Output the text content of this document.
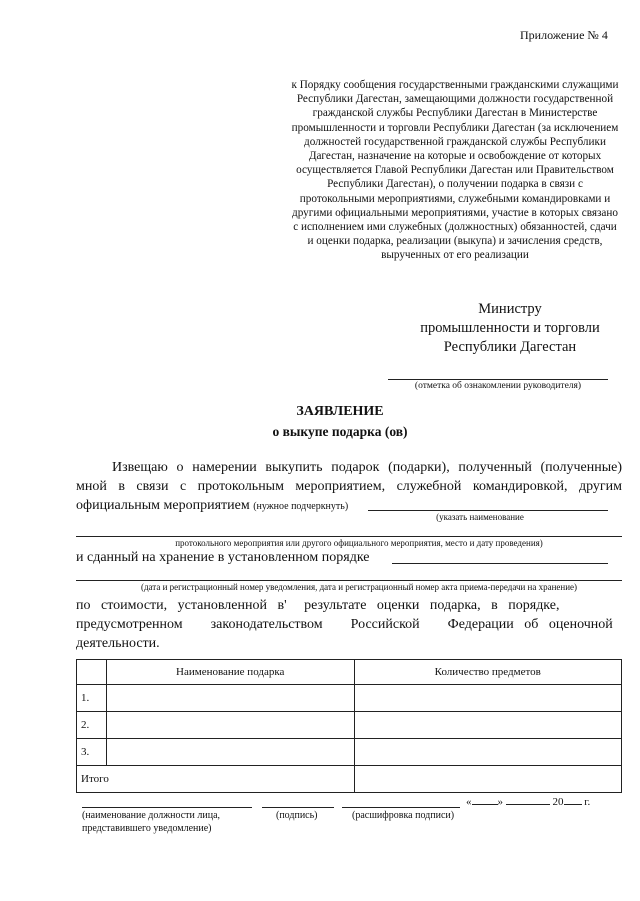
Приложение № 4
к Порядку сообщения государственными гражданскими служащими Республики Дагестан, замещающими должности государственной гражданской службы Республики Дагестан в Министерстве промышленности и торговли Республики Дагестан (за исключением должностей государственной гражданской службы Республики Дагестан, назначение на которые и освобождение от которых осуществляется Главой Республики Дагестан или Правительством Республики Дагестан), о получении подарка в связи с протокольными мероприятиями, служебными командировками и другими официальными мероприятиями, участие в которых связано с исполнением ими служебных (должностных) обязанностей, сдачи и оценки подарка, реализации (выкупа) и зачисления средств, вырученных от его реализации
Министру
промышленности и торговли
Республики Дагестан
(отметка об ознакомлении руководителя)
ЗАЯВЛЕНИЕ
о выкупе подарка (ов)
Извещаю о намерении выкупить подарок (подарки), полученный (полученные)
мной в связи с протокольным мероприятием, служебной командировкой, другим
официальным мероприятием (нужное подчеркнуть)
(указать наименование
протокольного мероприятия или другого официального мероприятия, место и дату проведения)
и сданный на хранение в установленном порядке
(дата и регистрационный номер уведомления, дата и регистрационный номер акта приема-передачи на хранение)
по   стоимости,   установленной   в'     результате   оценки   подарка,   в   порядке,
предусмотренном        законодательством        Российской        Федерации   об   оценочной
деятельности.
	Наименование подарка	Количество предметов
1.		
2.		
3.		
Итого		
« »	20 г.
(наименование должности лица,
представившего уведомление)
(подпись)	(расшифровка подписи)
